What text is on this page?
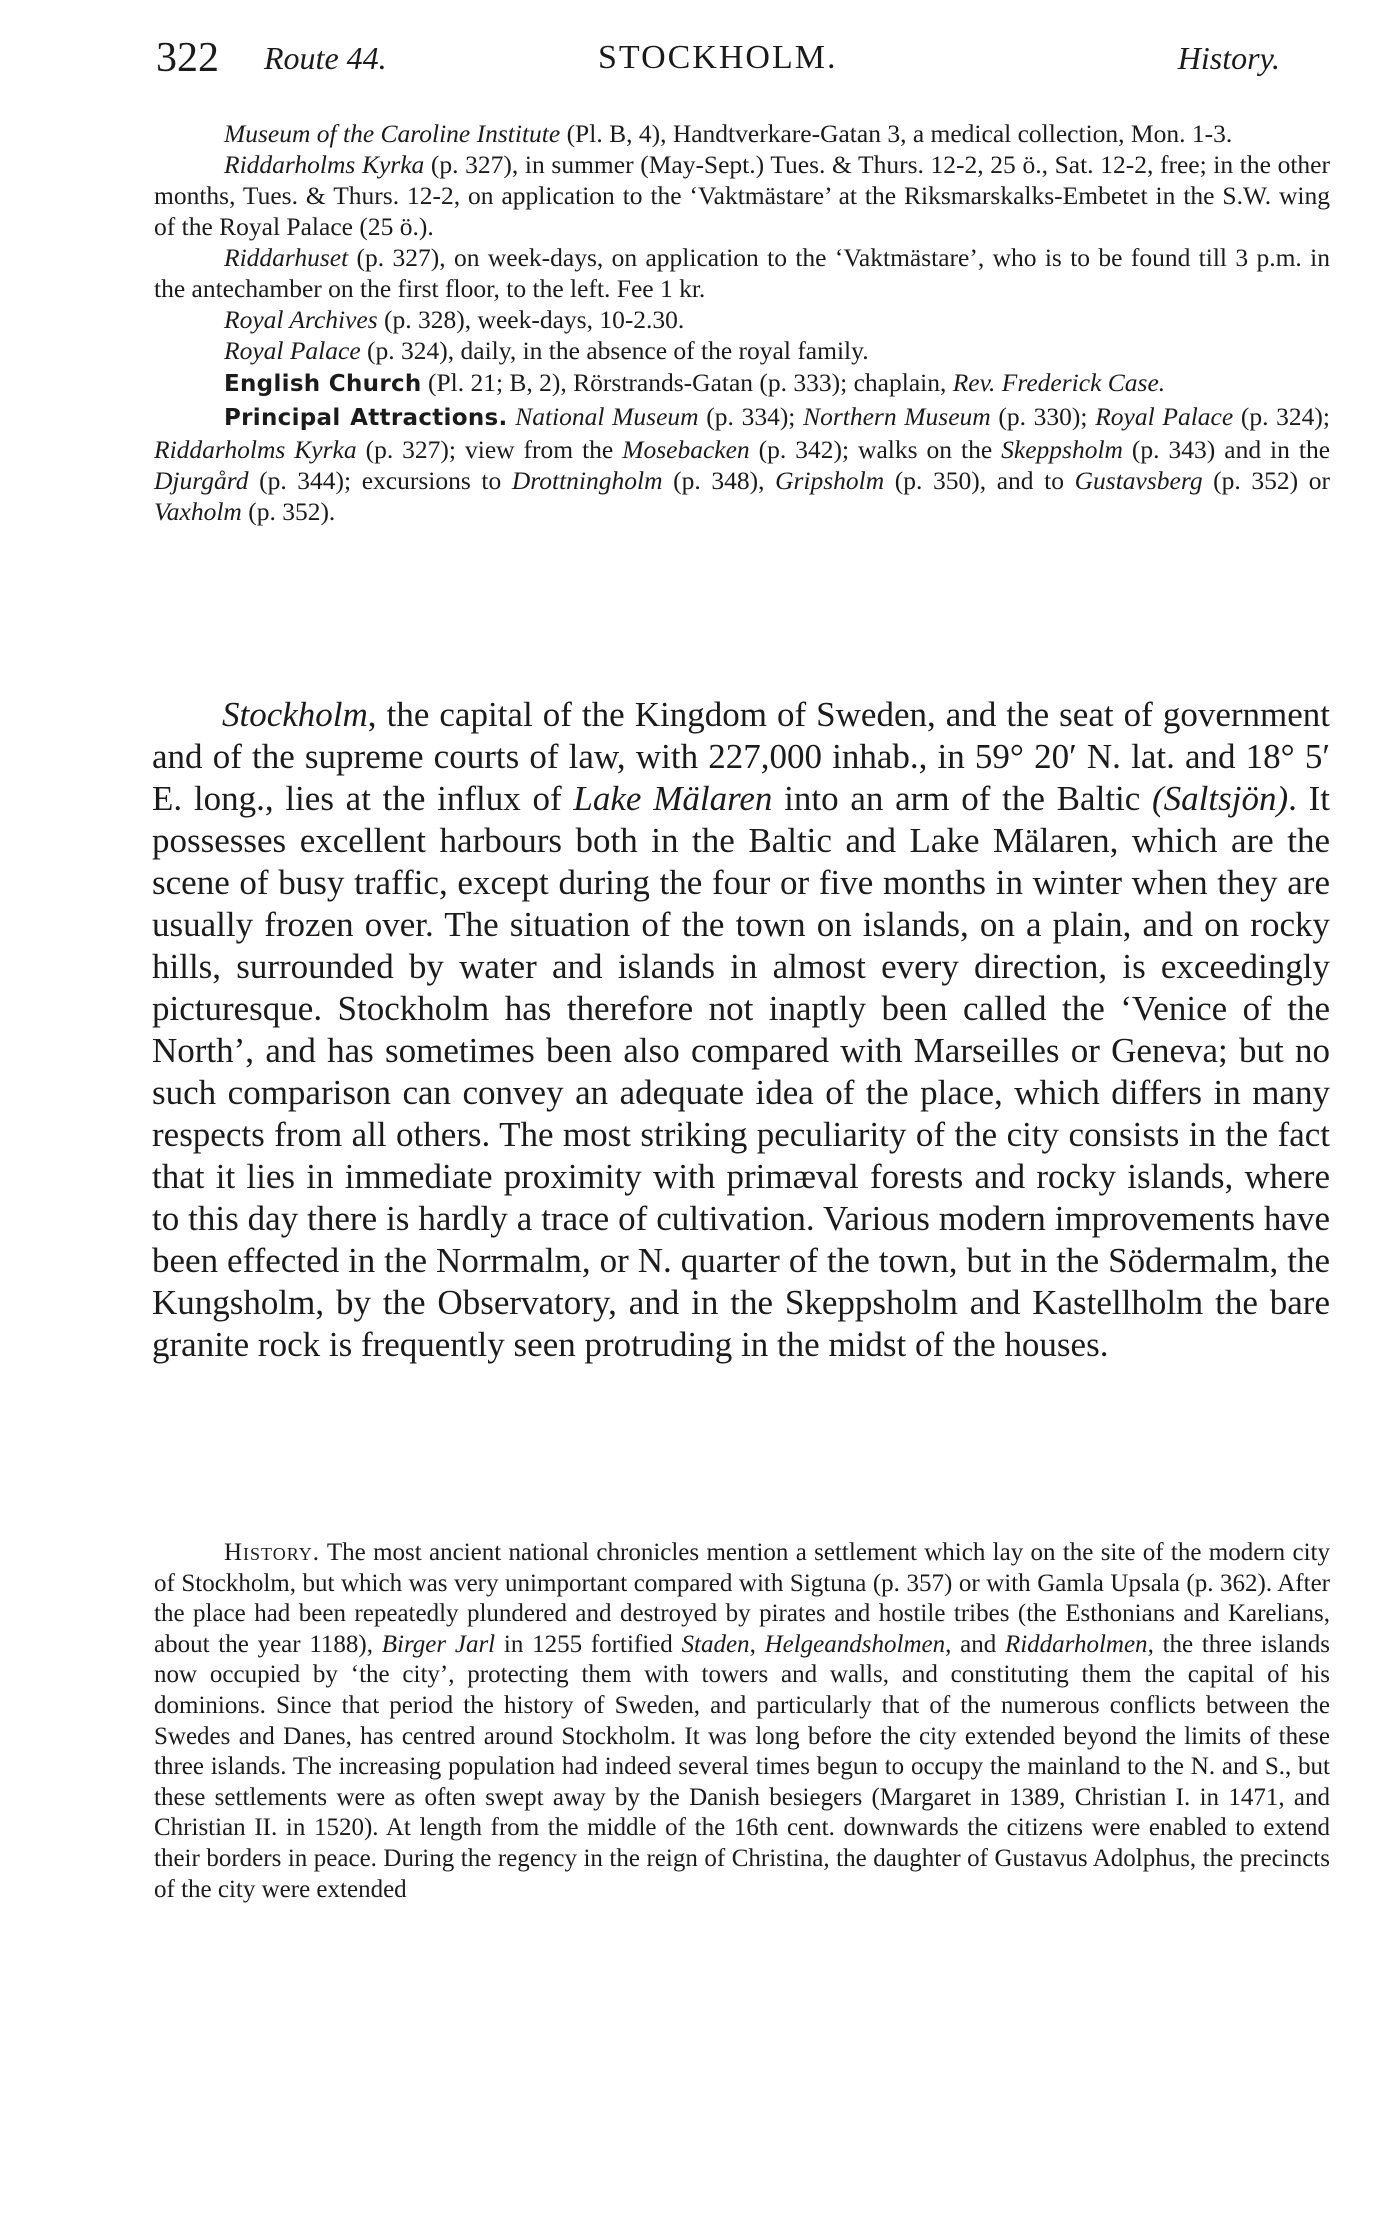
322 Route 44.	STOCKHOLM.	History.

Museum of the Caroline Institute (Pl. B, 4), Handtverkare-Gatan 3, a medical collection, Mon. 1-3.

Riddarholms Kyrka (p. 327), in summer (May-Sept.) Tues. & Thurs. 12-2, 25 ö., Sat. 12-2, free; in the other months, Tues. & Thurs. 12-2, on application to the ‘Vaktmästare’ at the Riksmarskalks-Embetet in the S.W. wing of the Royal Palace (25 ö.).

Riddarhuset (p. 327), on week-days, on application to the ‘Vaktmästare’, who is to be found till 3 p.m. in the antechamber on the first floor, to the left. Fee 1 kr.

Royal Archives (p. 328), week-days, 10-2.30.

Royal Palace (p. 324), daily, in the absence of the royal family.

English Church (Pl. 21; B, 2), Rörstrands-Gatan (p. 333); chaplain, Rev. Frederick Case.

Principal Attractions. National Museum (p. 334); Northern Museum (p. 330); Royal Palace (p. 324); Riddarholms Kyrka (p. 327); view from the Mosebacken (p. 342); walks on the Skeppsholm (p. 343) and in the Djurgård (p. 344); excursions to Drottningholm (p. 348), Gripsholm (p. 350), and to Gustavsberg (p. 352) or Vaxholm (p. 352).

Stockholm, the capital of the Kingdom of Sweden, and the seat of government and of the supreme courts of law, with 227,000 inhab., in 59° 20′ N. lat. and 18° 5′ E. long., lies at the influx of Lake Mälaren into an arm of the Baltic (Saltsjön). It possesses excellent harbours both in the Baltic and Lake Mälaren, which are the scene of busy traffic, except during the four or five months in winter when they are usually frozen over. The situation of the town on islands, on a plain, and on rocky hills, surrounded by water and islands in almost every direction, is exceedingly picturesque. Stockholm has therefore not inaptly been called the ‘Venice of the North’, and has sometimes been also compared with Marseilles or Geneva; but no such comparison can convey an adequate idea of the place, which differs in many respects from all others. The most striking peculiarity of the city consists in the fact that it lies in immediate proximity with primæval forests and rocky islands, where to this day there is hardly a trace of cultivation. Various modern improvements have been effected in the Norrmalm, or N. quarter of the town, but in the Södermalm, the Kungsholm, by the Observatory, and in the Skeppsholm and Kastellholm the bare granite rock is frequently seen protruding in the midst of the houses.

History. The most ancient national chronicles mention a settlement which lay on the site of the modern city of Stockholm, but which was very unimportant compared with Sigtuna (p. 357) or with Gamla Upsala (p. 362). After the place had been repeatedly plundered and destroyed by pirates and hostile tribes (the Esthonians and Karelians, about the year 1188), Birger Jarl in 1255 fortified Staden, Helgeandsholmen, and Riddarholmen, the three islands now occupied by ‘the city’, protecting them with towers and walls, and constituting them the capital of his dominions. Since that period the history of Sweden, and particularly that of the numerous conflicts between the Swedes and Danes, has centred around Stockholm. It was long before the city extended beyond the limits of these three islands. The increasing population had indeed several times begun to occupy the mainland to the N. and S., but these settlements were as often swept away by the Danish besiegers (Margaret in 1389, Christian I. in 1471, and Christian II. in 1520). At length from the middle of the 16th cent. downwards the citizens were enabled to extend their borders in peace. During the regency in the reign of Christina, the daughter of Gustavus Adolphus, the precincts of the city were extended
